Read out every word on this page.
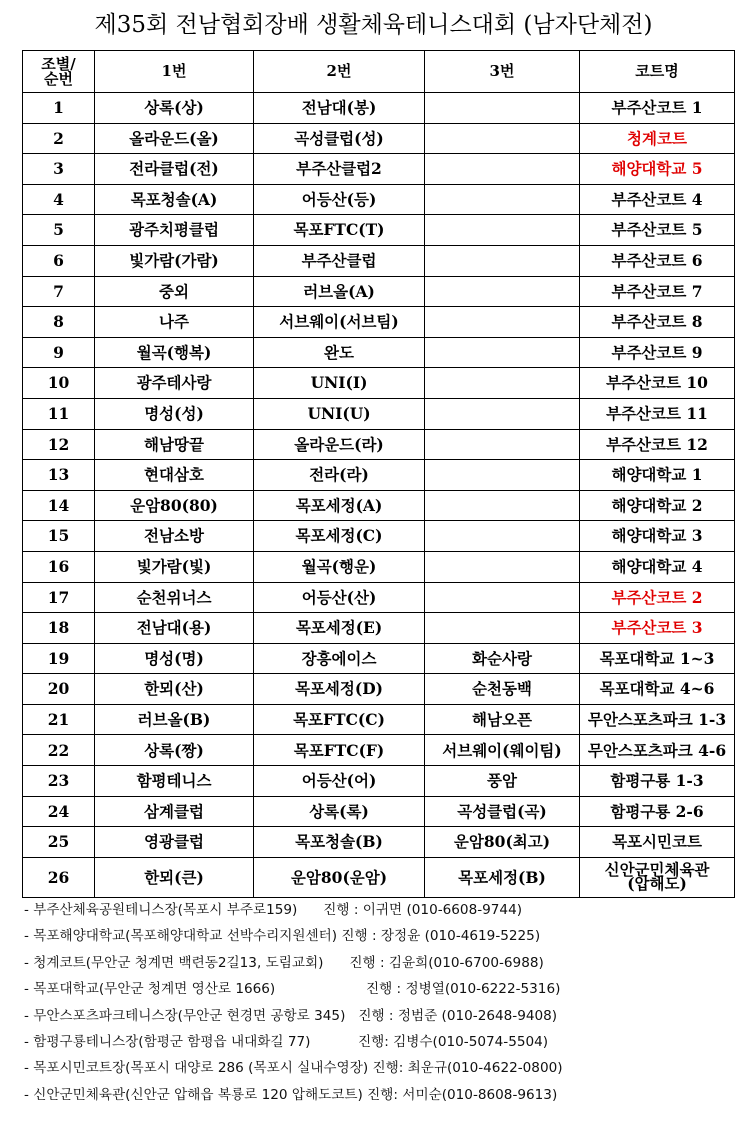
제35회 전남협회장배 생활체육테니스대회 (남자단체전)
조별/
순번	1번	2번	3번	코트명
1	상록(상)	전남대(봉)		부주산코트 1
2	올라운드(올)	곡성클럽(성)		청계코트
3	전라클럽(전)	부주산클럽2		해양대학교 5
4	목포청솔(A)	어등산(등)		부주산코트 4
5	광주치평클럽	목포FTC(T)		부주산코트 5
6	빛가람(가람)	부주산클럽		부주산코트 6
7	중외	러브올(A)		부주산코트 7
8	나주	서브웨이(서브팀)		부주산코트 8
9	월곡(행복)	완도		부주산코트 9
10	광주테사랑	UNI(I)		부주산코트 10
11	명성(성)	UNI(U)		부주산코트 11
12	해남땅끝	올라운드(라)		부주산코트 12
13	현대삼호	전라(라)		해양대학교 1
14	운암80(80)	목포세정(A)		해양대학교 2
15	전남소방	목포세정(C)		해양대학교 3
16	빛가람(빛)	월곡(행운)		해양대학교 4
17	순천위너스	어등산(산)		부주산코트 2
18	전남대(용)	목포세정(E)		부주산코트 3
19	명성(명)	장흥에이스	화순사랑	목포대학교 1~3
20	한뫼(산)	목포세정(D)	순천동백	목포대학교 4~6
21	러브올(B)	목포FTC(C)	해남오픈	무안스포츠파크 1-3
22	상록(짱)	목포FTC(F)	서브웨이(웨이팀)	무안스포츠파크 4-6
23	함평테니스	어등산(어)	풍암	함평구룡 1-3
24	삼계클럽	상록(록)	곡성클럽(곡)	함평구룡 2-6
25	영광클럽	목포청솔(B)	운암80(최고)	목포시민코트
26	한뫼(큰)	운암80(운암)	목포세정(B)	신안군민체육관
(압해도)
- 부주산체육공원테니스장(목포시 부주로159)      진행 : 이귀면 (010-6608-9744)
- 목포해양대학교(목포해양대학교 선박수리지원센터) 진행 : 장정윤 (010-4619-5225)
- 청계코트(무안군 청계면 백련동2길13, 도림교회)      진행 : 김윤희(010-6700-6988)
- 목포대학교(무안군 청계면 영산로 1666)                     진행 : 정병열(010-6222-5316)
- 무안스포츠파크테니스장(무안군 현경면 공항로 345)   진행 : 정범준 (010-2648-9408)
- 함평구룡테니스장(함평군 함평읍 내대화길 77)           진행: 김병수(010-5074-5504)
- 목포시민코트장(목포시 대양로 286 (목포시 실내수영장) 진행: 최운규(010-4622-0800)
- 신안군민체육관(신안군 압해읍 복룡로 120 압해도코트) 진행: 서미순(010-8608-9613)
